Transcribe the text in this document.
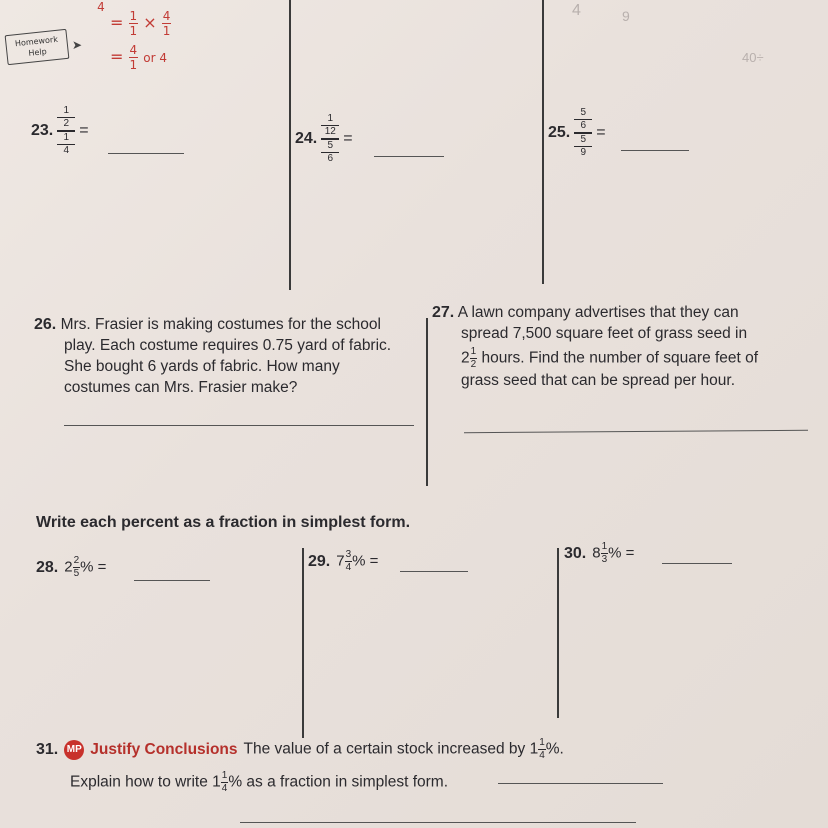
Homework
Help
➤
4
= $\frac{1}{1} \times \frac{4}{1}$
= $\frac{4}{1}$ or 4
4	9
40÷
23. $\frac{\frac{1}{2}}{\frac{1}{4}}$ =	24. $\frac{\frac{1}{12}}{\frac{5}{6}}$ =	25. $\frac{\frac{5}{6}}{\frac{5}{9}}$ =
26. Mrs. Frasier is making costumes for the school
play. Each costume requires 0.75 yard of fabric.
She bought 6 yards of fabric. How many
costumes can Mrs. Frasier make?
27. A lawn company advertises that they can
spread 7,500 square feet of grass seed in
$2 \frac{1}{2}$ hours. Find the number of square feet of
grass seed that can be spread per hour.
Write each percent as a fraction in simplest form.
28. $2 \frac{2}{5}$ % =	29. $7 \frac{3}{4}$ % =	30. $8 \frac{1}{3}$ % =
31. MP Justify Conclusions The value of a certain stock increased by $1 \frac{1}{4}$ %.
Explain how to write $1 \frac{1}{4}$ % as a fraction in simplest form.
